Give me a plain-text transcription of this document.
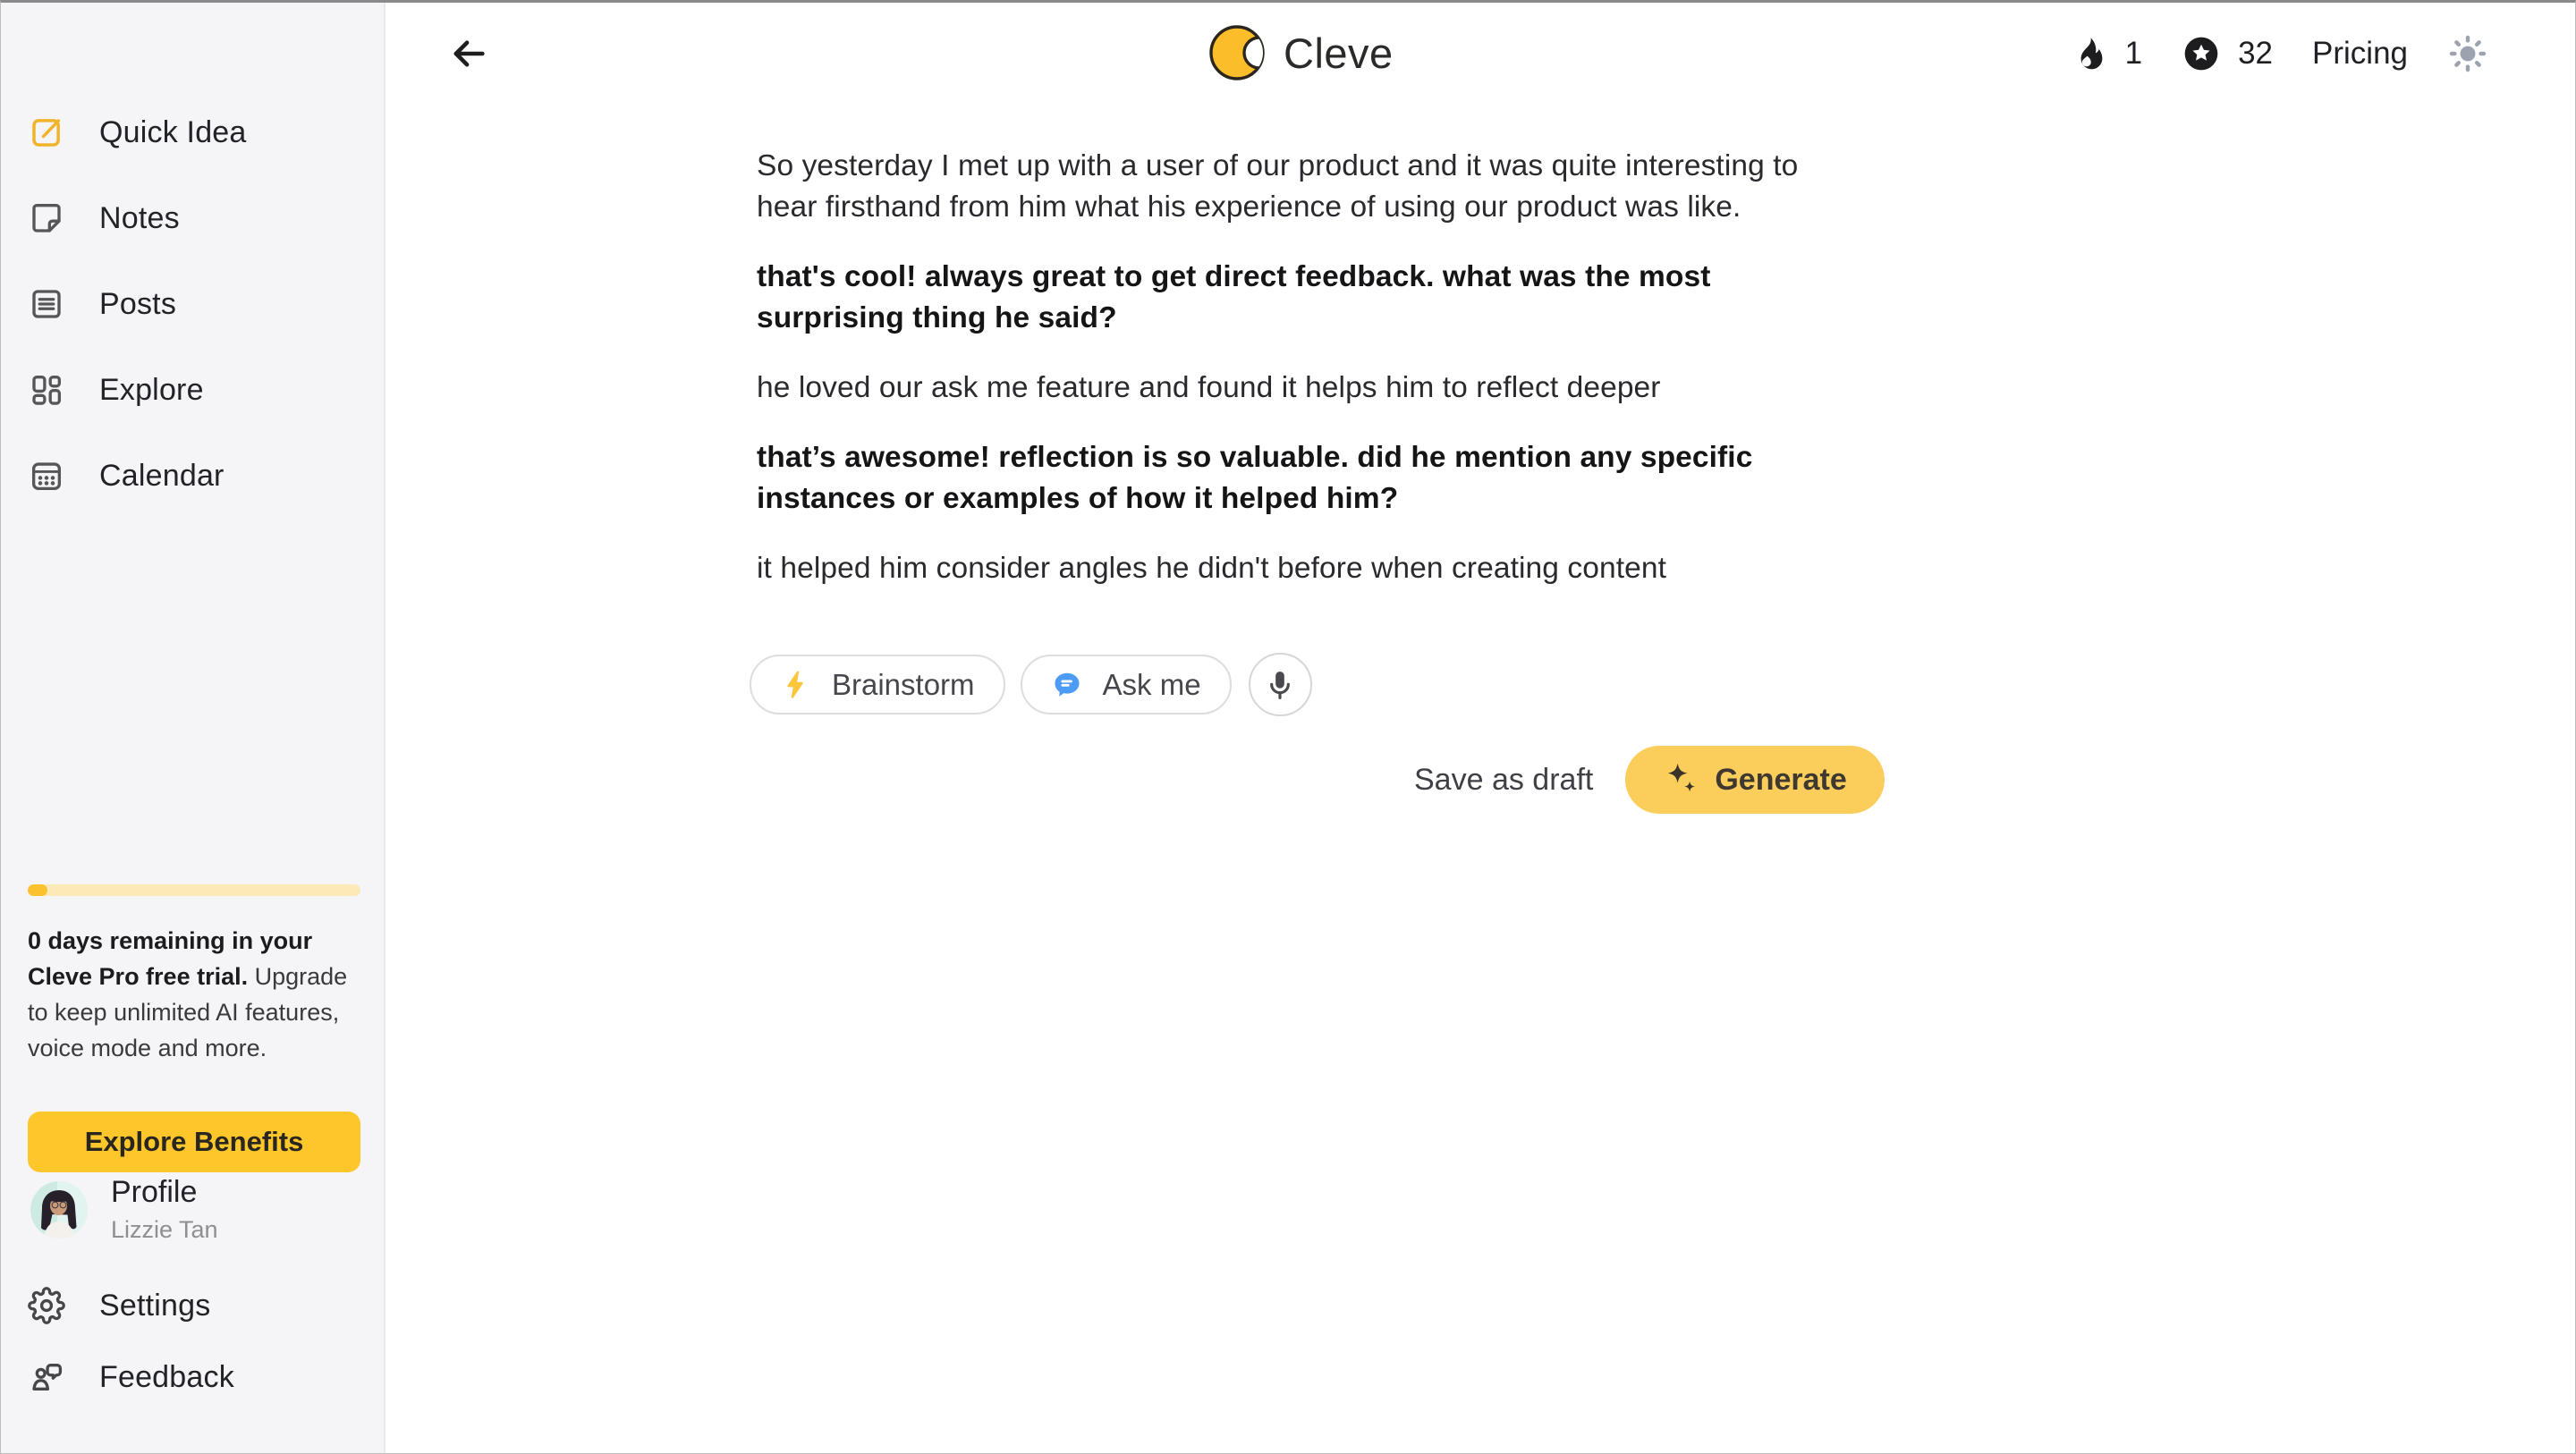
Quick Idea
Notes
Posts
Explore
Calendar

0 days remaining in your Cleve Pro free trial. Upgrade to keep unlimited AI features, voice mode and more.

Explore Benefits
Profile
Lizzie Tan
Settings
Feedback
Cleve	1	32 Pricing

So yesterday I met up with a user of our product and it was quite interesting to hear firsthand from him what his experience of using our product was like.

that's cool! always great to get direct feedback. what was the most surprising thing he said?

he loved our ask me feature and found it helps him to reflect deeper

that’s awesome! reflection is so valuable. did he mention any specific instances or examples of how it helped him?

it helped him consider angles he didn't before when creating content

Brainstorm	Ask me
Save as draft	Generate
